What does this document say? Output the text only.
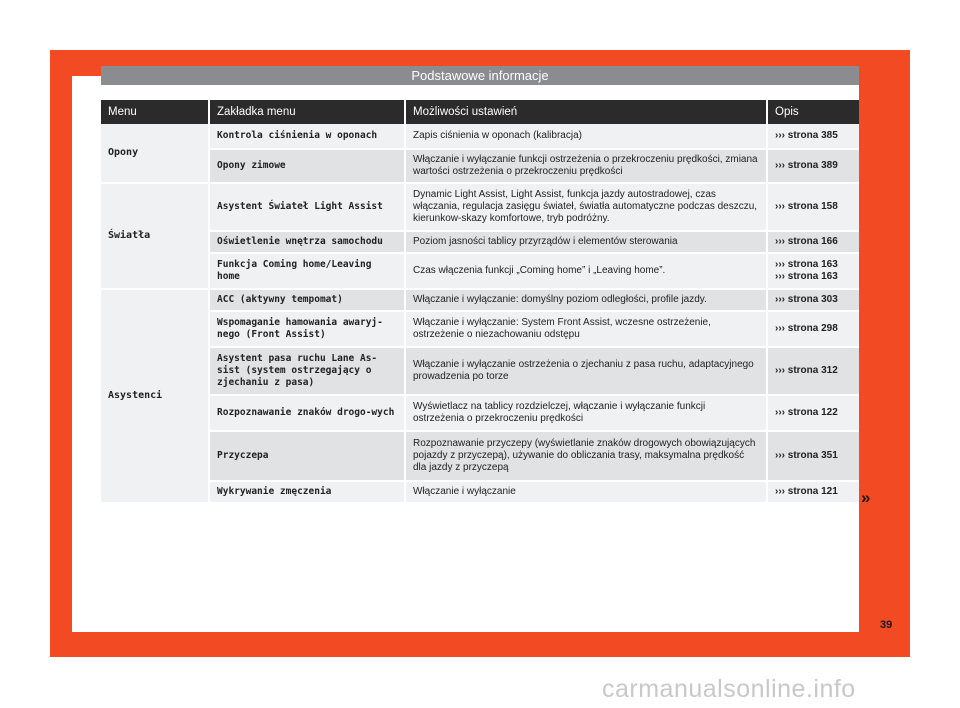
Podstawowe informacje
Menu	Zakładka menu	Możliwości ustawień	Opis
Opony	Kontrola ciśnienia w oponach	Zapis ciśnienia w oponach (kalibracja)	››› strona 385
	Opony zimowe	Włączanie i wyłączanie funkcji ostrzeżenia o przekroczeniu prędkości, zmiana wartości ostrzeżenia o przekroczeniu prędkości	››› strona 389
Światła	Asystent Świateł Light Assist	Dynamic Light Assist, Light Assist, funkcja jazdy autostradowej, czas włączania, regulacja zasięgu świateł, światła automatyczne podczas deszczu, kierunkow-skazy komfortowe, tryb podróżny.	››› strona 158
	Oświetlenie wnętrza samochodu	Poziom jasności tablicy przyrządów i elementów sterowania	››› strona 166
	Funkcja Coming home/Leaving home	Czas włączenia funkcji „Coming home” i „Leaving home”.	››› strona 163
››› strona 163

Asystenci	ACC (aktywny tempomat)	Włączanie i wyłączanie: domyślny poziom odległości, profile jazdy.	››› strona 303
	Wspomaganie hamowania awaryj-nego (Front Assist)	Włączanie i wyłączanie: System Front Assist, wczesne ostrzeżenie, ostrzeżenie o niezachowaniu odstępu	››› strona 298
	Asystent pasa ruchu Lane As-sist (system ostrzegający o zjechaniu z pasa)	Włączanie i wyłączanie ostrzeżenia o zjechaniu z pasa ruchu, adaptacyjnego prowadzenia po torze	››› strona 312
	Rozpoznawanie znaków drogo-wych	Wyświetlacz na tablicy rozdzielczej, włączanie i wyłączanie funkcji ostrzeżenia o przekroczeniu prędkości	››› strona 122
	Przyczepa	Rozpoznawanie przyczepy (wyświetlanie znaków drogowych obowiązujących pojazdy z przyczepą), używanie do obliczania trasy, maksymalna prędkość dla jazdy z przyczepą	››› strona 351
	Wykrywanie zmęczenia	Włączanie i wyłączanie	››› strona 121 »
39
carmanualsonline.info
